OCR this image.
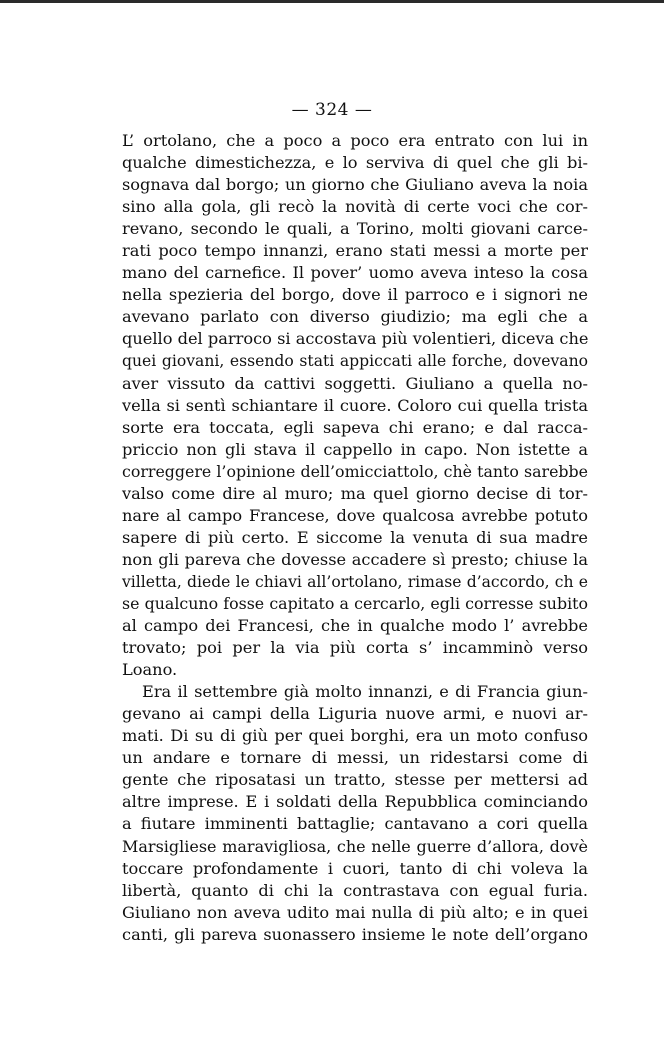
— 324 —
L’ ortolano, che a poco a poco era entrato con lui in
qualche dimestichezza, e lo serviva di quel che gli bi-
sognava dal borgo; un giorno che Giuliano aveva la noia
sino alla gola, gli recò la novità di certe voci che cor-
revano, secondo le quali, a Torino, molti giovani carce-
rati poco tempo innanzi, erano stati messi a morte per
mano del carnefice. Il pover’ uomo aveva inteso la cosa
nella spezieria del borgo, dove il parroco e i signori ne
avevano parlato con diverso giudizio; ma egli che a
quello del parroco si accostava più volentieri, diceva che
quei giovani, essendo stati appiccati alle forche, dovevano
aver vissuto da cattivi soggetti. Giuliano a quella no-
vella si sentì schiantare il cuore. Coloro cui quella trista
sorte era toccata, egli sapeva chi erano; e dal racca-
priccio non gli stava il cappello in capo. Non istette a
correggere l’opinione dell’omicciattolo, chè tanto sarebbe
valso come dire al muro; ma quel giorno decise di tor-
nare al campo Francese, dove qualcosa avrebbe potuto
sapere di più certo. E siccome la venuta di sua madre
non gli pareva che dovesse accadere sì presto; chiuse la
villetta, diede le chiavi all’ortolano, rimase d’accordo, ch e
se qualcuno fosse capitato a cercarlo, egli corresse subito
al campo dei Francesi, che in qualche modo l’ avrebbe
trovato; poi per la via più corta s’ incamminò verso
Loano.
Era il settembre già molto innanzi, e di Francia giun-
gevano ai campi della Liguria nuove armi, e nuovi ar-
mati. Di su di giù per quei borghi, era un moto confuso
un andare e tornare di messi, un ridestarsi come di
gente che riposatasi un tratto, stesse per mettersi ad
altre imprese. E i soldati della Repubblica cominciando
a fiutare imminenti battaglie; cantavano a cori quella
Marsigliese maravigliosa, che nelle guerre d’allora, dovè
toccare profondamente i cuori, tanto di chi voleva la
libertà, quanto di chi la contrastava con egual furia.
Giuliano non aveva udito mai nulla di più alto; e in quei
canti, gli pareva suonassero insieme le note dell’organo
